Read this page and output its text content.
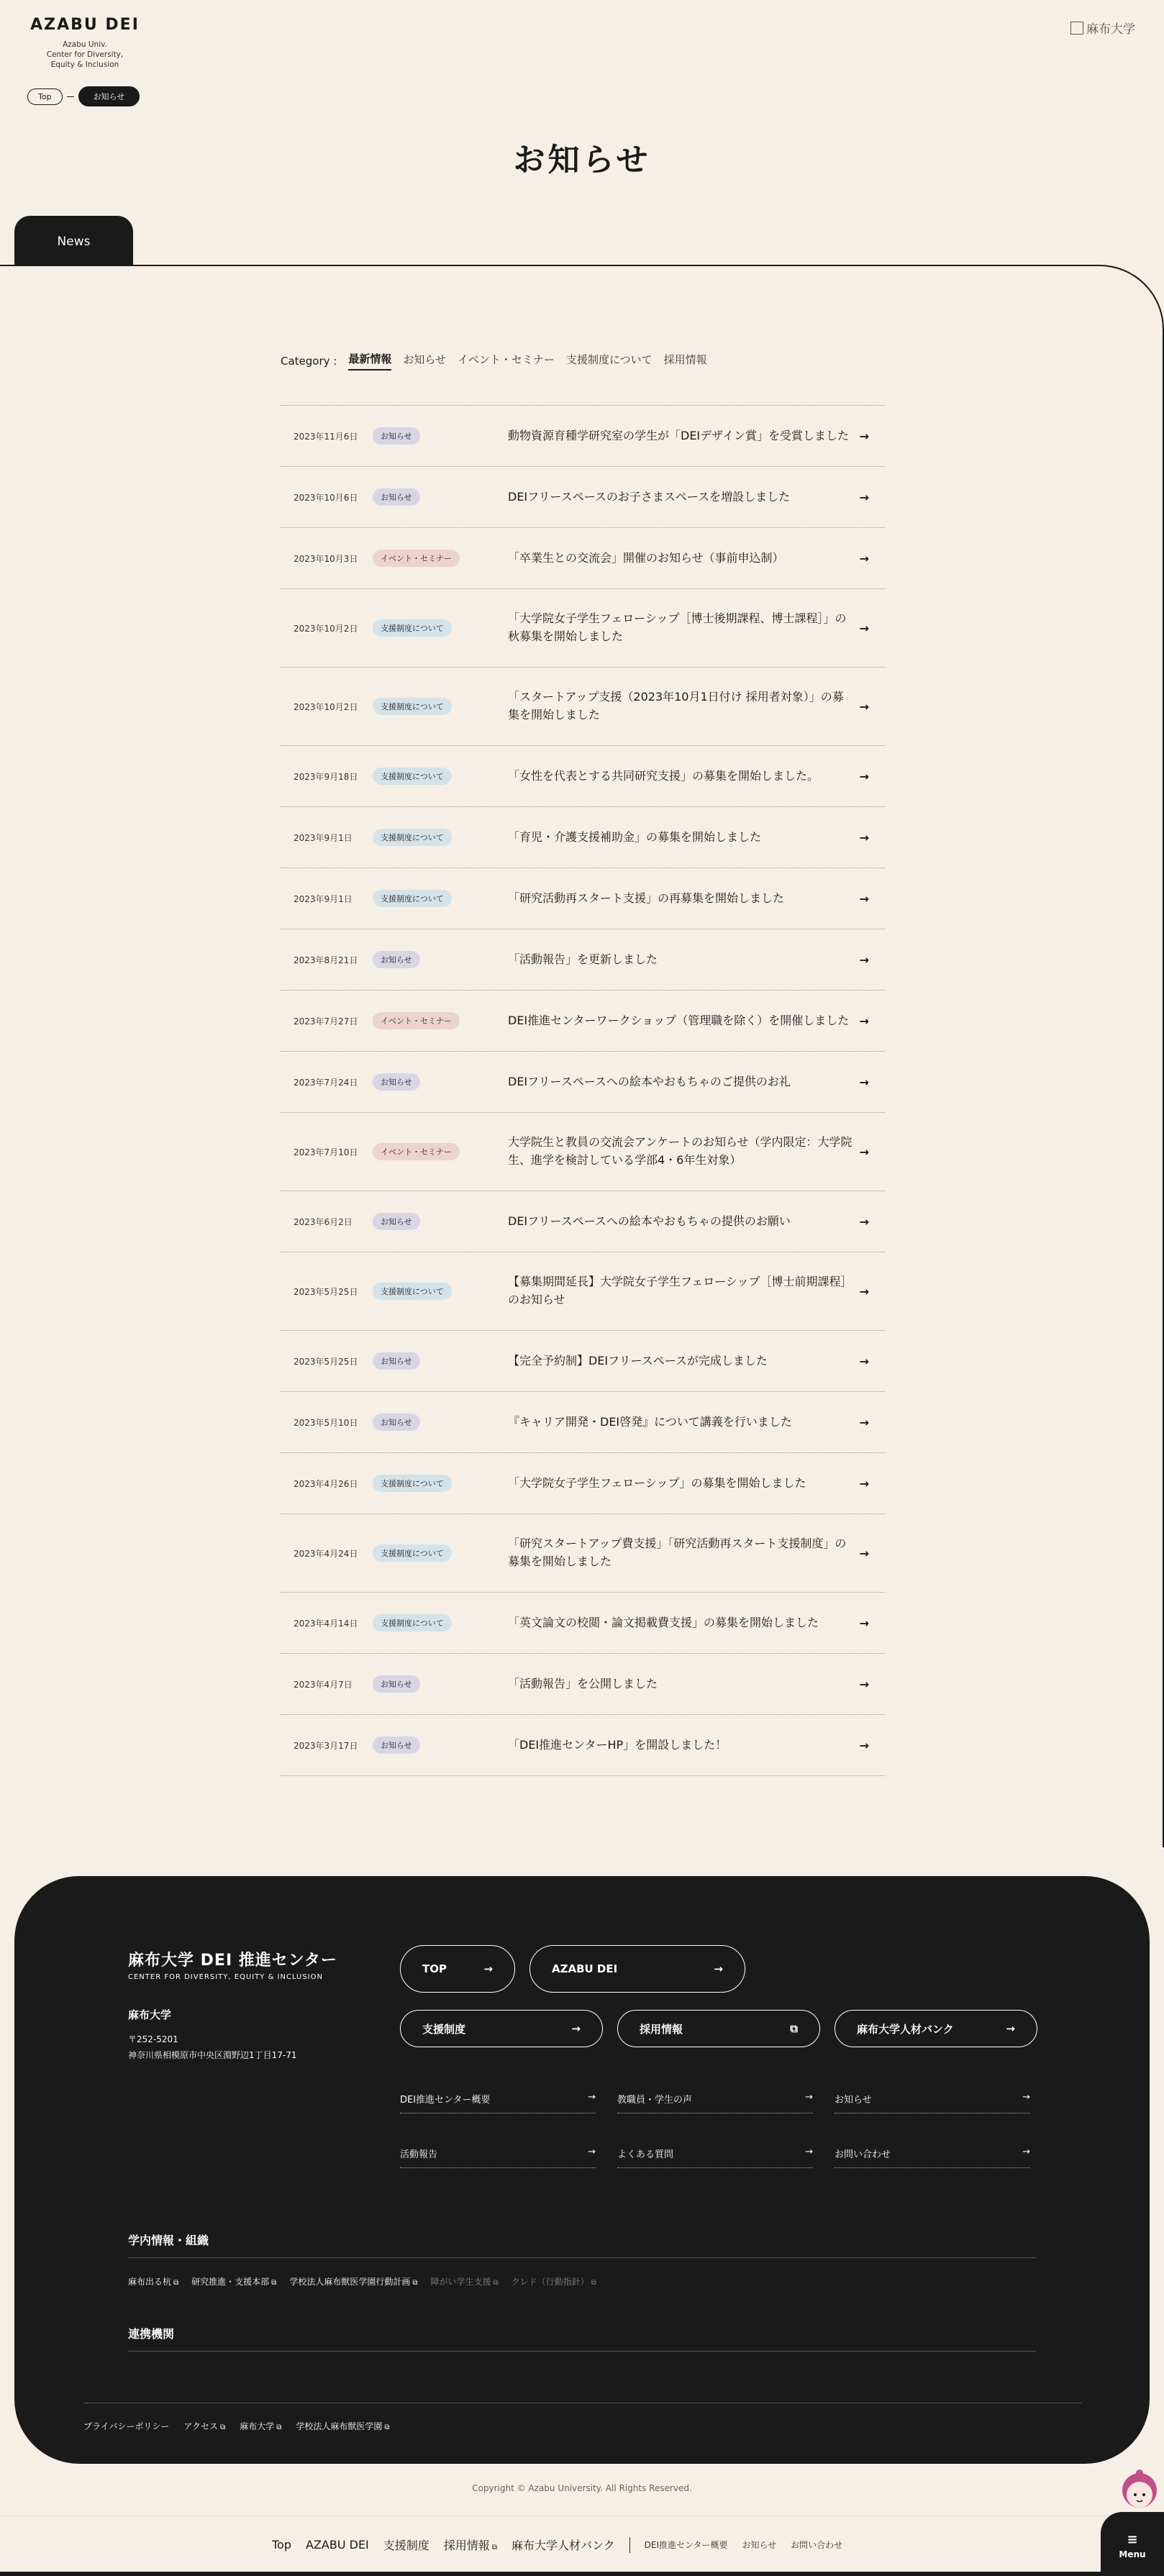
AZABU DEI
Azabu Univ.
Center for Diversity,
Equity & Inclusion
Top	お知らせ
麻布大学
お知らせ
News
Category : 最新情報 お知らせ イベント・セミナー 支援制度について 採用情報
2023年11月6日	お知らせ	動物資源育種学研究室の学生が「DEIデザイン賞」を受賞しました →
2023年10月6日	お知らせ	DEIフリースペースのお子さまスペースを増設しました	→
2023年10月3日	イベント・セミナー	「卒業生との交流会」開催のお知らせ（事前申込制）	→
2023年10月2日	支援制度について
「大学院女子学生フェローシップ［博士後期課程、博士課程］」の秋募集を開始しました
→
2023年10月2日	支援制度について
「スタートアップ支援（2023年10月1日付け 採用者対象）」の募集を開始しました
→
2023年9月18日	支援制度について	「女性を代表とする共同研究支援」の募集を開始しました。	→
2023年9月1日	支援制度について	「育児・介護支援補助金」の募集を開始しました	→
2023年9月1日	支援制度について	「研究活動再スタート支援」の再募集を開始しました	→
2023年8月21日	お知らせ	「活動報告」を更新しました	→
2023年7月27日	イベント・セミナー	DEI推進センターワークショップ（管理職を除く）を開催しました →
2023年7月24日	お知らせ	DEIフリースペースへの絵本やおもちゃのご提供のお礼	→
2023年7月10日	イベント・セミナー
大学院生と教員の交流会アンケートのお知らせ（学内限定：大学院生、進学を検討している学部4・6年生対象）
→
2023年6月2日	お知らせ	DEIフリースペースへの絵本やおもちゃの提供のお願い	→
2023年5月25日	支援制度について
【募集期間延長】大学院女子学生フェローシップ［博士前期課程］のお知らせ
→
2023年5月25日	お知らせ	【完全予約制】DEIフリースペースが完成しました	→
2023年5月10日	お知らせ	『キャリア開発・DEI啓発』について講義を行いました	→
2023年4月26日	支援制度について	「大学院女子学生フェローシップ」の募集を開始しました	→
2023年4月24日	支援制度について
「研究スタートアップ費支援」「研究活動再スタート支援制度」の募集を開始しました
→
2023年4月14日	支援制度について	「英文論文の校閲・論文掲載費支援」の募集を開始しました	→
2023年4月7日	お知らせ	「活動報告」を公開しました	→
2023年3月17日	お知らせ	「DEI推進センターHP」を開設しました！	→
麻布大学 DEI 推進センター
CENTER FOR DIVERSITY, EQUITY & INCLUSION
麻布大学
〒252-5201
神奈川県相模原市中央区淵野辺1丁目17-71
TOP	→	AZABU DEI	→
支援制度	→	採用情報	⧉	麻布大学人材バンク	→
DEI推進センター概要	→ 教職員・学生の声	→ お知らせ	→
活動報告	→ よくある質問	→ お問い合わせ	→
学内情報・組織
麻布出る杭 ⧉ 研究推進・支援本部 ⧉ 学校法人麻布獣医学園行動計画 ⧉ 障がい学生支援 ⧉ クレド（行動指針） ⧉
連携機関
プライバシーポリシー アクセス ⧉ 麻布大学 ⧉ 学校法人麻布獣医学園 ⧉
Copyright © Azabu University. All Rights Reserved.
Top AZABU DEI 支援制度 採用情報 ⧉ 麻布大学人材バンク	DEI推進センター概要 お知らせ お問い合わせ	≡
Menu
